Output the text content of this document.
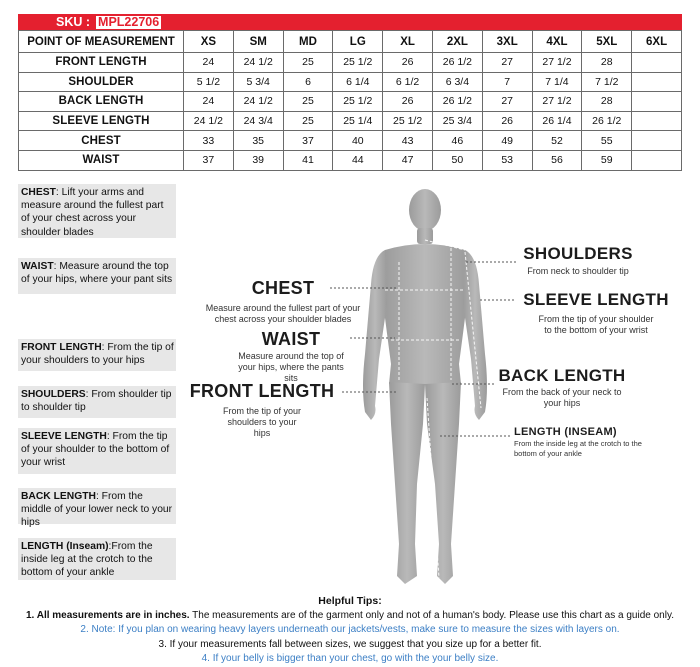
SKU : MPL22706
POINT OF MEASUREMENT	XS	SM	MD	LG	XL	2XL	3XL	4XL	5XL	6XL
FRONT LENGTH	24	24 1/2	25	25 1/2	26	26 1/2	27	27 1/2	28	
SHOULDER	5 1/2	5 3/4	6	6 1/4	6 1/2	6 3/4	7	7 1/4	7 1/2	
BACK LENGTH	24	24 1/2	25	25 1/2	26	26 1/2	27	27 1/2	28	
SLEEVE LENGTH	24 1/2	24 3/4	25	25 1/4	25 1/2	25 3/4	26	26 1/4	26 1/2	
CHEST	33	35	37	40	43	46	49	52	55	
WAIST	37	39	41	44	47	50	53	56	59	
CHEST: Lift your arms and measure around the fullest part of your chest across your shoulder blades
WAIST: Measure around the top of your hips, where your pant sits
FRONT LENGTH: From the tip of your shoulders to your hips
SHOULDERS: From shoulder tip to shoulder tip
SLEEVE LENGTH: From the tip of your shoulder to the bottom of your wrist
BACK LENGTH: From the middle of your lower neck to your hips
LENGTH (Inseam):From the inside leg at the crotch to the bottom of your ankle
CHEST
Measure around the fullest part of your chest across your shoulder blades
WAIST
Measure around the top of your hips, where the pants sits
FRONT LENGTH
From the tip of your shoulders to your hips
SHOULDERS
From neck to shoulder tip
SLEEVE LENGTH
From the tip of your shoulder to the bottom of your wrist
BACK LENGTH
From the back of your neck to your hips
LENGTH (INSEAM)
From the inside leg at the crotch to the bottom of your ankle
Helpful Tips:
1. All measurements are in inches. The measurements are of the garment only and not of a human's body. Please use this chart as a guide only.
2. Note: If you plan on wearing heavy layers underneath our jackets/vests, make sure to measure the sizes with layers on.
3. If your measurements fall between sizes, we suggest that you size up for a better fit.
4. If your belly is bigger than your chest, go with the your belly size.
